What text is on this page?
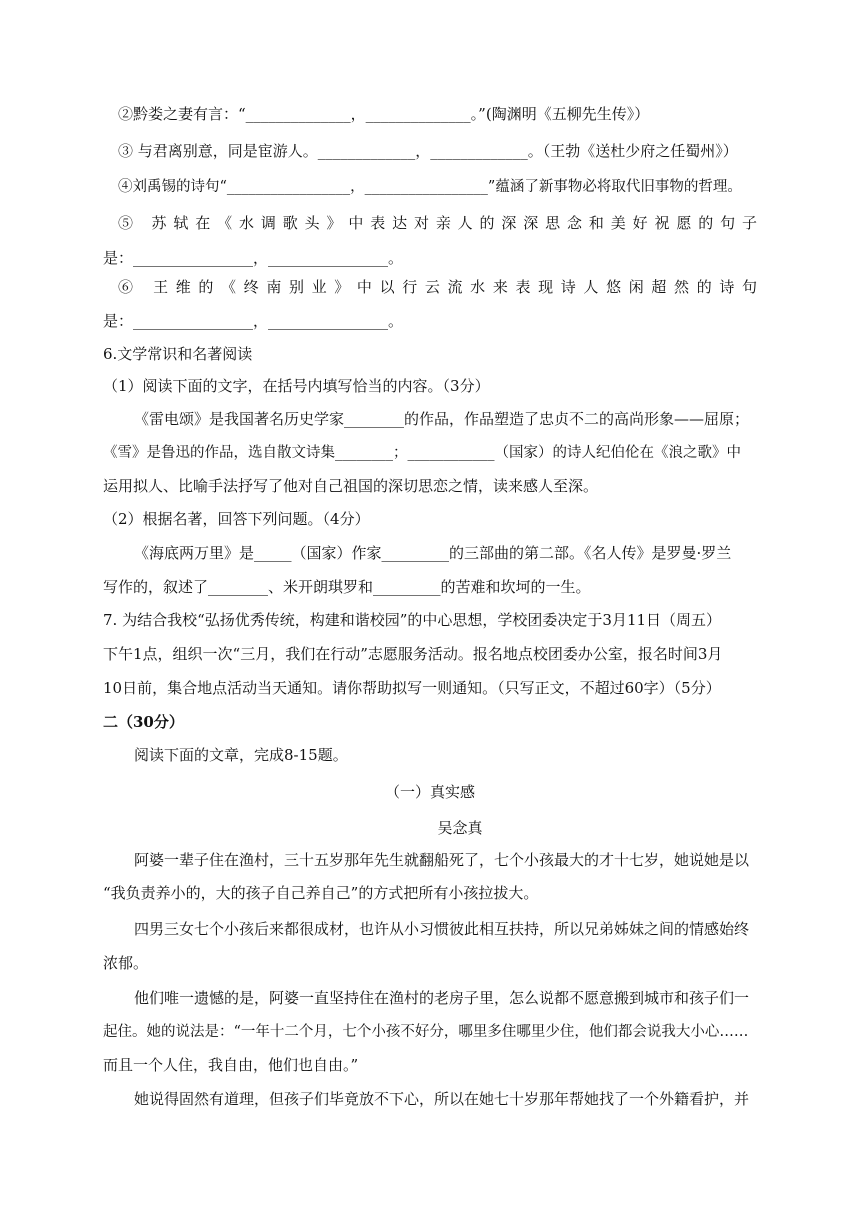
②黔娄之妻有言：“______________，______________。”(陶渊明《五柳先生传》）
③ 与君离别意，同是宦游人。_____________，_____________。（王勃《送杜少府之任蜀州》）
④刘禹锡的诗句“_________________，_________________”蕴涵了新事物必将取代旧事物的哲理。
⑤ 苏轼在《水调歌头》中表达对亲人的深深思念和美好祝愿的句子
是：________________，________________。
⑥ 王维的《终南别业》中以行云流水来表现诗人悠闲超然的诗句
是：________________，________________。
6.文学常识和名著阅读
（1）阅读下面的文字，在括号内填写恰当的内容。（3分）
《雷电颂》是我国著名历史学家________的作品，作品塑造了忠贞不二的高尚形象——屈原；
《雪》是鲁迅的作品，选自散文诗集________；____________（国家）的诗人纪伯伦在《浪之歌》中
运用拟人、比喻手法抒写了他对自己祖国的深切思恋之情，读来感人至深。
（2）根据名著，回答下列问题。（4分）
《海底两万里》是_____（国家）作家_________的三部曲的第二部。《名人传》是罗曼·罗兰
写作的，叙述了________、米开朗琪罗和_________的苦难和坎坷的一生。
7. 为结合我校“弘扬优秀传统，构建和谐校园”的中心思想，学校团委决定于3月11日（周五）
下午1点，组织一次“三月，我们在行动”志愿服务活动。报名地点校团委办公室，报名时间3月
10日前，集合地点活动当天通知。请你帮助拟写一则通知。（只写正文，不超过60字）（5分）
二（30分）
阅读下面的文章，完成8-15题。
（一）真实感
吴念真
阿婆一辈子住在渔村，三十五岁那年先生就翻船死了，七个小孩最大的才十七岁，她说她是以
“我负责养小的，大的孩子自己养自己”的方式把所有小孩拉拔大。
四男三女七个小孩后来都很成材，也许从小习惯彼此相互扶持，所以兄弟姊妹之间的情感始终
浓郁。
他们唯一遗憾的是，阿婆一直坚持住在渔村的老房子里，怎么说都不愿意搬到城市和孩子们一
起住。她的说法是：“一年十二个月，七个小孩不好分，哪里多住哪里少住，他们都会说我大小心……
而且一个人住，我自由，他们也自由。”
她说得固然有道理，但孩子们毕竟放不下心，所以在她七十岁那年帮她找了一个外籍看护，并
